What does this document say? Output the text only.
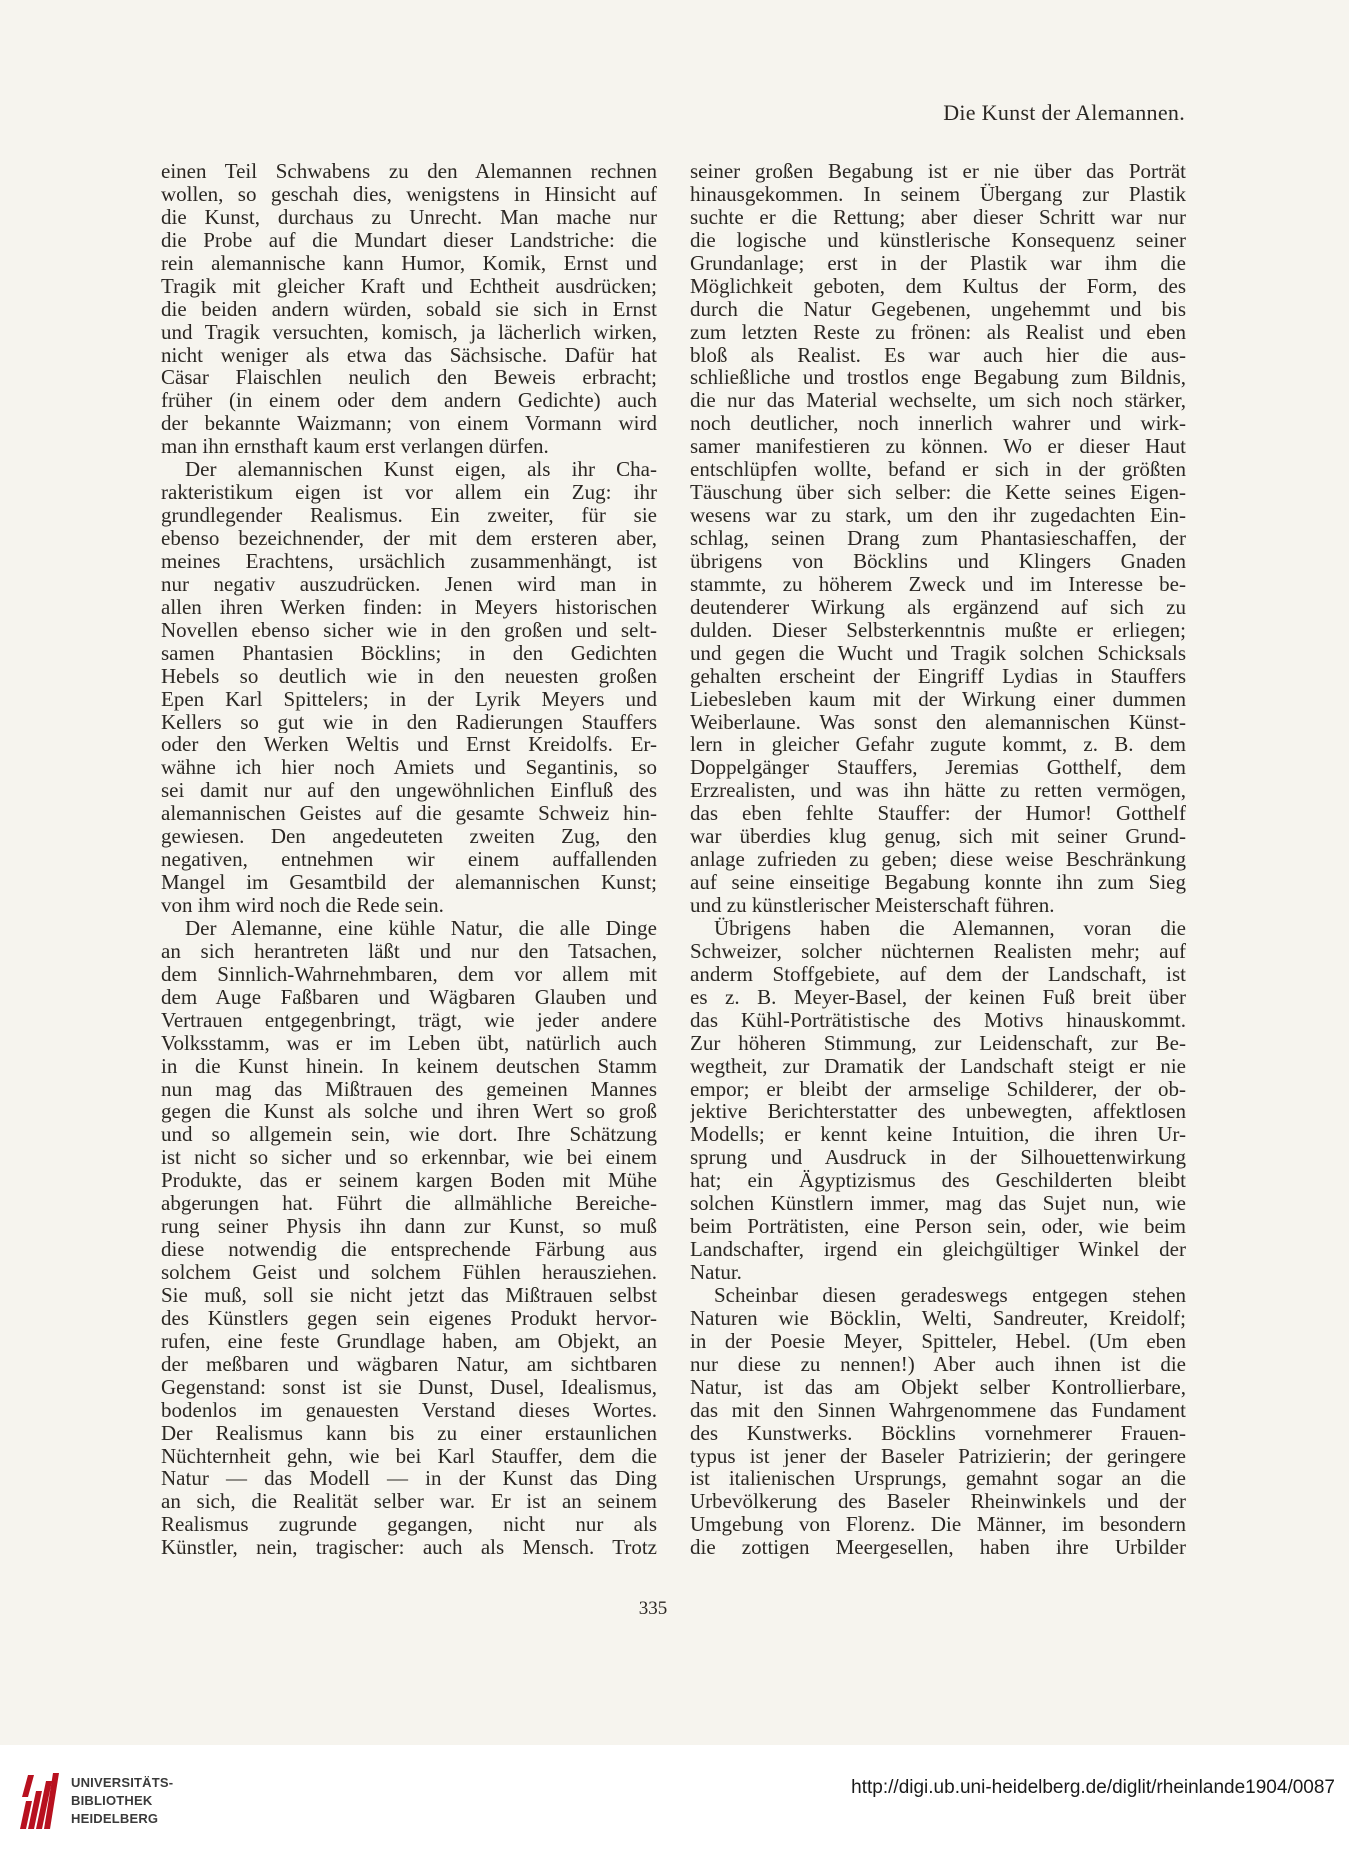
Die Kunst der Alemannen.
einen Teil Schwabens zu den Alemannen rechnen
wollen, so geschah dies, wenigstens in Hinsicht auf
die Kunst, durchaus zu Unrecht. Man mache nur
die Probe auf die Mundart dieser Landstriche: die
rein alemannische kann Humor, Komik, Ernst und
Tragik mit gleicher Kraft und Echtheit ausdrücken;
die beiden andern würden, sobald sie sich in Ernst
und Tragik versuchten, komisch, ja lächerlich wirken,
nicht weniger als etwa das Sächsische. Dafür hat
Cäsar Flaischlen neulich den Beweis erbracht;
früher (in einem oder dem andern Gedichte) auch
der bekannte Waizmann; von einem Vormann wird
man ihn ernsthaft kaum erst verlangen dürfen.
Der alemannischen Kunst eigen, als ihr Cha-
rakteristikum eigen ist vor allem ein Zug: ihr
grundlegender Realismus. Ein zweiter, für sie
ebenso bezeichnender, der mit dem ersteren aber,
meines Erachtens, ursächlich zusammenhängt, ist
nur negativ auszudrücken. Jenen wird man in
allen ihren Werken finden: in Meyers historischen
Novellen ebenso sicher wie in den großen und selt-
samen Phantasien Böcklins; in den Gedichten
Hebels so deutlich wie in den neuesten großen
Epen Karl Spittelers; in der Lyrik Meyers und
Kellers so gut wie in den Radierungen Stauffers
oder den Werken Weltis und Ernst Kreidolfs. Er-
wähne ich hier noch Amiets und Segantinis, so
sei damit nur auf den ungewöhnlichen Einfluß des
alemannischen Geistes auf die gesamte Schweiz hin-
gewiesen. Den angedeuteten zweiten Zug, den
negativen, entnehmen wir einem auffallenden
Mangel im Gesamtbild der alemannischen Kunst;
von ihm wird noch die Rede sein.
Der Alemanne, eine kühle Natur, die alle Dinge
an sich herantreten läßt und nur den Tatsachen,
dem Sinnlich-Wahrnehmbaren, dem vor allem mit
dem Auge Faßbaren und Wägbaren Glauben und
Vertrauen entgegenbringt, trägt, wie jeder andere
Volksstamm, was er im Leben übt, natürlich auch
in die Kunst hinein. In keinem deutschen Stamm
nun mag das Mißtrauen des gemeinen Mannes
gegen die Kunst als solche und ihren Wert so groß
und so allgemein sein, wie dort. Ihre Schätzung
ist nicht so sicher und so erkennbar, wie bei einem
Produkte, das er seinem kargen Boden mit Mühe
abgerungen hat. Führt die allmähliche Bereiche-
rung seiner Physis ihn dann zur Kunst, so muß
diese notwendig die entsprechende Färbung aus
solchem Geist und solchem Fühlen herausziehen.
Sie muß, soll sie nicht jetzt das Mißtrauen selbst
des Künstlers gegen sein eigenes Produkt hervor-
rufen, eine feste Grundlage haben, am Objekt, an
der meßbaren und wägbaren Natur, am sichtbaren
Gegenstand: sonst ist sie Dunst, Dusel, Idealismus,
bodenlos im genauesten Verstand dieses Wortes.
Der Realismus kann bis zu einer erstaunlichen
Nüchternheit gehn, wie bei Karl Stauffer, dem die
Natur — das Modell — in der Kunst das Ding
an sich, die Realität selber war. Er ist an seinem
Realismus zugrunde gegangen, nicht nur als
Künstler, nein, tragischer: auch als Mensch. Trotz
seiner großen Begabung ist er nie über das Porträt
hinausgekommen. In seinem Übergang zur Plastik
suchte er die Rettung; aber dieser Schritt war nur
die logische und künstlerische Konsequenz seiner
Grundanlage; erst in der Plastik war ihm die
Möglichkeit geboten, dem Kultus der Form, des
durch die Natur Gegebenen, ungehemmt und bis
zum letzten Reste zu frönen: als Realist und eben
bloß als Realist. Es war auch hier die aus-
schließliche und trostlos enge Begabung zum Bildnis,
die nur das Material wechselte, um sich noch stärker,
noch deutlicher, noch innerlich wahrer und wirk-
samer manifestieren zu können. Wo er dieser Haut
entschlüpfen wollte, befand er sich in der größten
Täuschung über sich selber: die Kette seines Eigen-
wesens war zu stark, um den ihr zugedachten Ein-
schlag, seinen Drang zum Phantasieschaffen, der
übrigens von Böcklins und Klingers Gnaden
stammte, zu höherem Zweck und im Interesse be-
deutenderer Wirkung als ergänzend auf sich zu
dulden. Dieser Selbsterkenntnis mußte er erliegen;
und gegen die Wucht und Tragik solchen Schicksals
gehalten erscheint der Eingriff Lydias in Stauffers
Liebesleben kaum mit der Wirkung einer dummen
Weiberlaune. Was sonst den alemannischen Künst-
lern in gleicher Gefahr zugute kommt, z. B. dem
Doppelgänger Stauffers, Jeremias Gotthelf, dem
Erzrealisten, und was ihn hätte zu retten vermögen,
das eben fehlte Stauffer: der Humor! Gotthelf
war überdies klug genug, sich mit seiner Grund-
anlage zufrieden zu geben; diese weise Beschränkung
auf seine einseitige Begabung konnte ihn zum Sieg
und zu künstlerischer Meisterschaft führen.
Übrigens haben die Alemannen, voran die
Schweizer, solcher nüchternen Realisten mehr; auf
anderm Stoffgebiete, auf dem der Landschaft, ist
es z. B. Meyer-Basel, der keinen Fuß breit über
das Kühl-Porträtistische des Motivs hinauskommt.
Zur höheren Stimmung, zur Leidenschaft, zur Be-
wegtheit, zur Dramatik der Landschaft steigt er nie
empor; er bleibt der armselige Schilderer, der ob-
jektive Berichterstatter des unbewegten, affektlosen
Modells; er kennt keine Intuition, die ihren Ur-
sprung und Ausdruck in der Silhouettenwirkung
hat; ein Ägyptizismus des Geschilderten bleibt
solchen Künstlern immer, mag das Sujet nun, wie
beim Porträtisten, eine Person sein, oder, wie beim
Landschafter, irgend ein gleichgültiger Winkel der
Natur.
Scheinbar diesen geradeswegs entgegen stehen
Naturen wie Böcklin, Welti, Sandreuter, Kreidolf;
in der Poesie Meyer, Spitteler, Hebel. (Um eben
nur diese zu nennen!) Aber auch ihnen ist die
Natur, ist das am Objekt selber Kontrollierbare,
das mit den Sinnen Wahrgenommene das Fundament
des Kunstwerks. Böcklins vornehmerer Frauen-
typus ist jener der Baseler Patrizierin; der geringere
ist italienischen Ursprungs, gemahnt sogar an die
Urbevölkerung des Baseler Rheinwinkels und der
Umgebung von Florenz. Die Männer, im besondern
die zottigen Meergesellen, haben ihre Urbilder
335
UNIVERSITÄTS-
BIBLIOTHEK
HEIDELBERG
http://digi.ub.uni-heidelberg.de/diglit/rheinlande1904/0087
